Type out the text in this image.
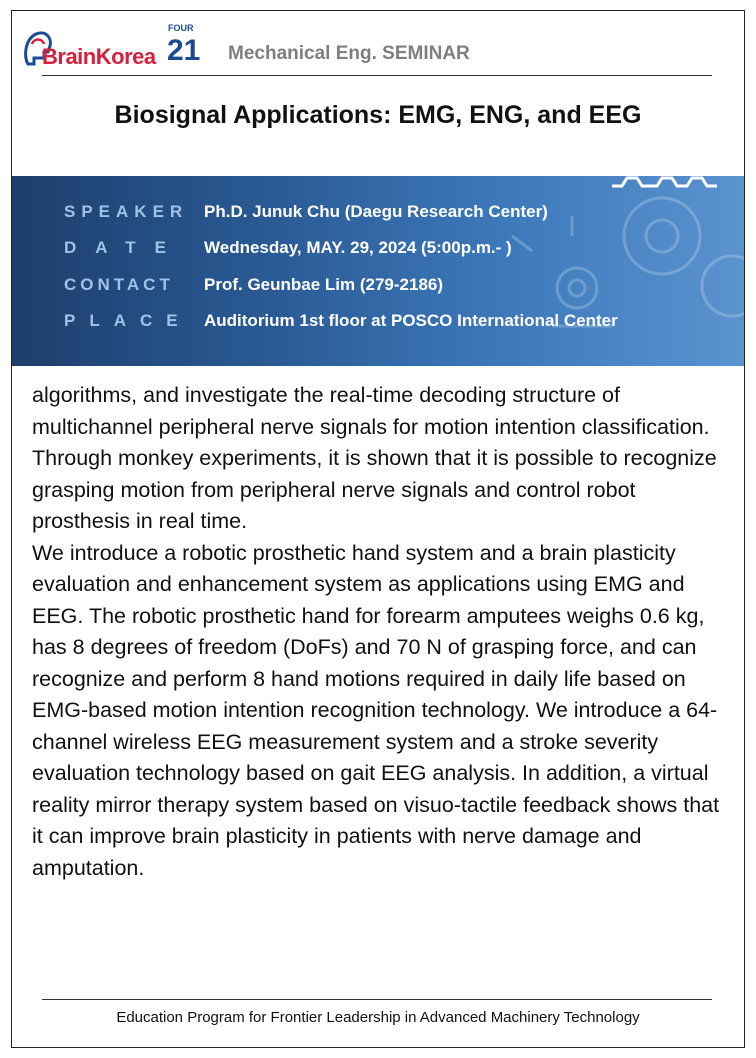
BrainKorea
FOUR
21 Mechanical Eng. SEMINAR
Biosignal Applications: EMG, ENG, and EEG
SPEAKER Ph.D. Junuk Chu (Daegu Research Center)
DATE Wednesday, MAY. 29, 2024 (5:00p.m.- )
CONTACT	Prof. Geunbae Lim (279-2186)
PLACE Auditorium 1st floor at POSCO International Center

algorithms, and investigate the real-time decoding structure of multichannel peripheral nerve signals for motion intention classification. Through monkey experiments, it is shown that it is possible to recognize grasping motion from peripheral nerve signals and control robot prosthesis in real time.

We introduce a robotic prosthetic hand system and a brain plasticity evaluation and enhancement system as applications using EMG and EEG. The robotic prosthetic hand for forearm amputees weighs 0.6 kg, has 8 degrees of freedom (DoFs) and 70 N of grasping force, and can recognize and perform 8 hand motions required in daily life based on EMG-based motion intention recognition technology. We introduce a 64-channel wireless EEG measurement system and a stroke severity evaluation technology based on gait EEG analysis. In addition, a virtual reality mirror therapy system based on visuo-tactile feedback shows that it can improve brain plasticity in patients with nerve damage and amputation.

Education Program for Frontier Leadership in Advanced Machinery Technology
